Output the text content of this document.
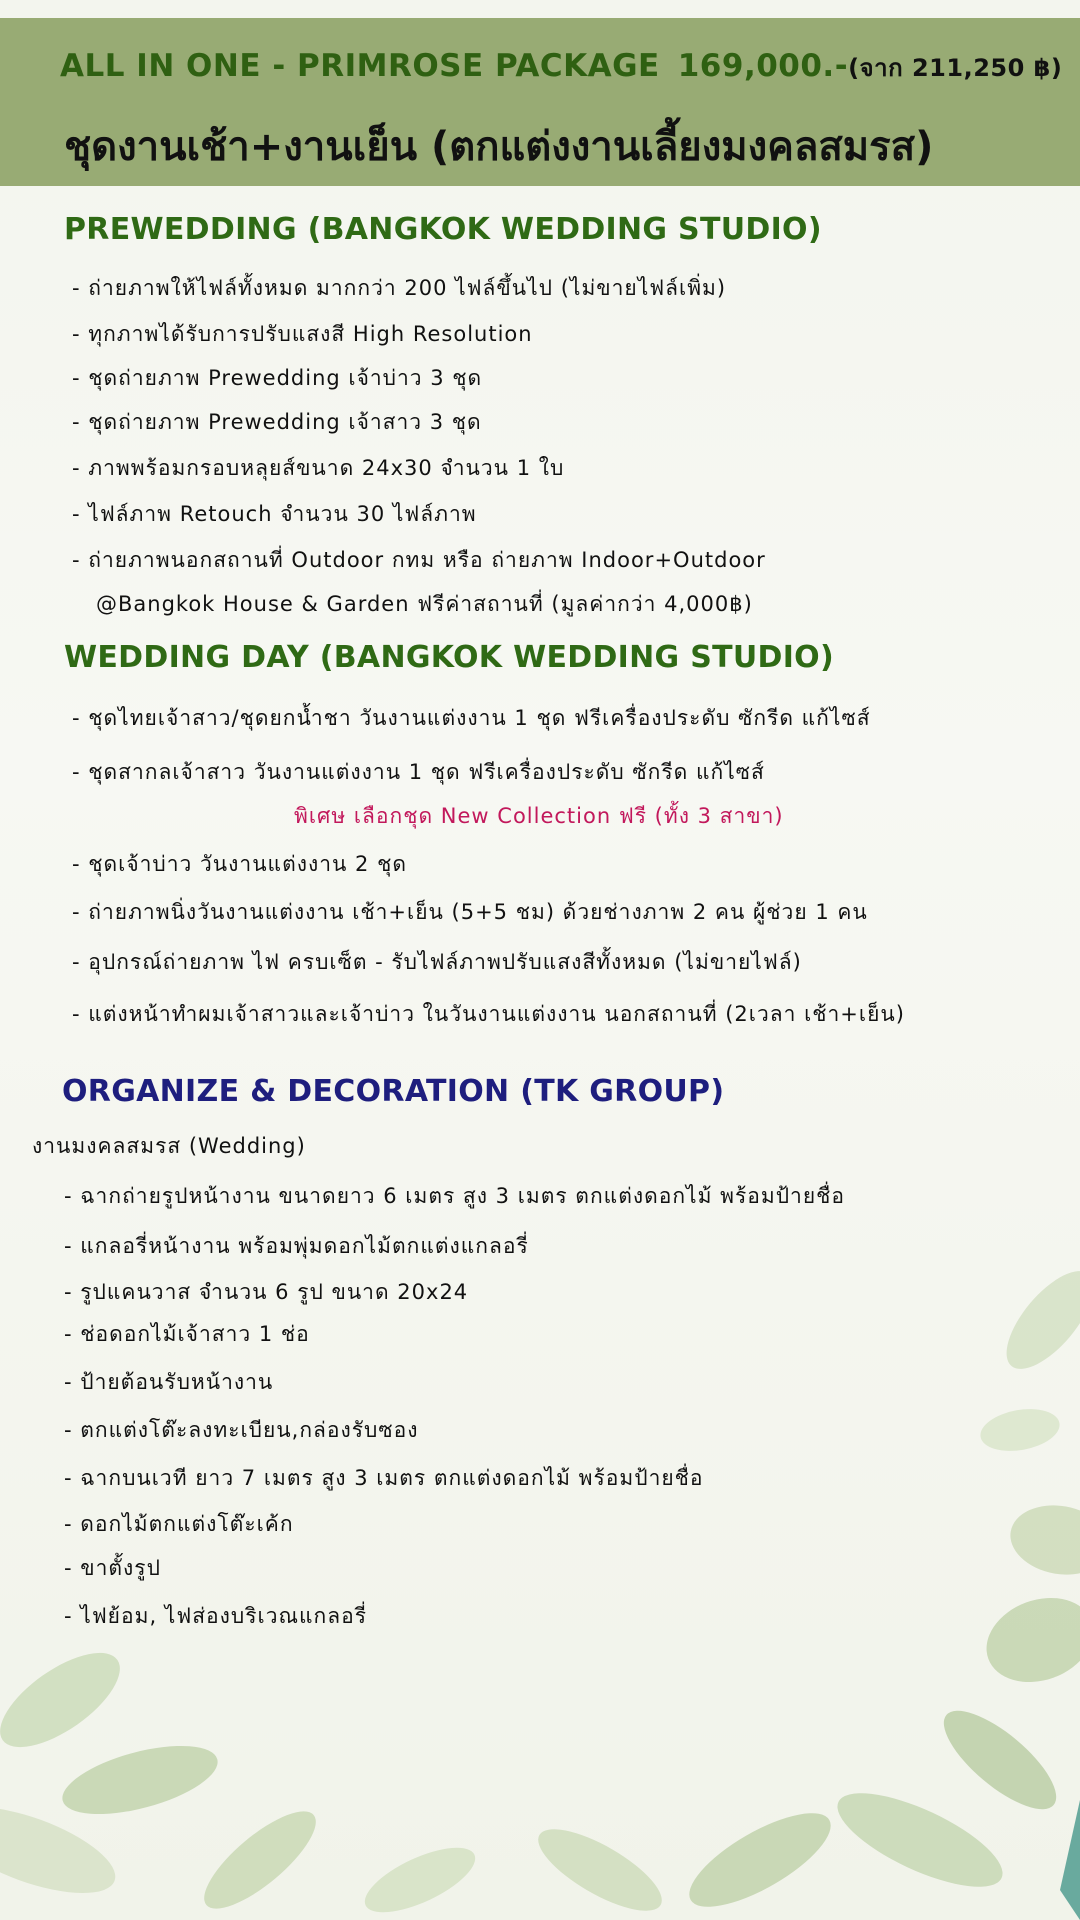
ALL IN ONE - PRIMROSE PACKAGE 169,000.-(จาก 211,250 ฿)
ชุดงานเช้า+งานเย็น (ตกแต่งงานเลี้ยงมงคลสมรส)
PREWEDDING (BANGKOK WEDDING STUDIO)
- ถ่ายภาพให้ไฟล์ทั้งหมด มากกว่า 200 ไฟล์ขึ้นไป (ไม่ขายไฟล์เพิ่ม)
- ทุกภาพได้รับการปรับแสงสี High Resolution
- ชุดถ่ายภาพ Prewedding เจ้าบ่าว 3 ชุด
- ชุดถ่ายภาพ Prewedding เจ้าสาว 3 ชุด
- ภาพพร้อมกรอบหลุยส์ขนาด 24x30 จำนวน 1 ใบ
- ไฟล์ภาพ Retouch จำนวน 30 ไฟล์ภาพ
- ถ่ายภาพนอกสถานที่ Outdoor กทม หรือ ถ่ายภาพ Indoor+Outdoor
@Bangkok House & Garden ฟรีค่าสถานที่ (มูลค่ากว่า 4,000฿)
WEDDING DAY (BANGKOK WEDDING STUDIO)
- ชุดไทยเจ้าสาว/ชุดยกน้ำชา วันงานแต่งงาน 1 ชุด ฟรีเครื่องประดับ ซักรีด แก้ไซส์
- ชุดสากลเจ้าสาว วันงานแต่งงาน 1 ชุด ฟรีเครื่องประดับ ซักรีด แก้ไซส์
พิเศษ เลือกชุด New Collection ฟรี (ทั้ง 3 สาขา)
- ชุดเจ้าบ่าว วันงานแต่งงาน 2 ชุด
- ถ่ายภาพนิ่งวันงานแต่งงาน เช้า+เย็น (5+5 ชม) ด้วยช่างภาพ 2 คน ผู้ช่วย 1 คน
- อุปกรณ์ถ่ายภาพ ไฟ ครบเซ็ต - รับไฟล์ภาพปรับแสงสีทั้งหมด (ไม่ขายไฟล์)
- แต่งหน้าทำผมเจ้าสาวและเจ้าบ่าว ในวันงานแต่งงาน นอกสถานที่ (2เวลา เช้า+เย็น)
ORGANIZE & DECORATION (TK GROUP)
งานมงคลสมรส (Wedding)
- ฉากถ่ายรูปหน้างาน ขนาดยาว 6 เมตร สูง 3 เมตร ตกแต่งดอกไม้ พร้อมป้ายชื่อ
- แกลอรี่หน้างาน พร้อมพุ่มดอกไม้ตกแต่งแกลอรี่
- รูปแคนวาส จำนวน 6 รูป ขนาด 20x24
- ช่อดอกไม้เจ้าสาว 1 ช่อ
- ป้ายต้อนรับหน้างาน
- ตกแต่งโต๊ะลงทะเบียน,กล่องรับซอง
- ฉากบนเวที ยาว 7 เมตร สูง 3 เมตร ตกแต่งดอกไม้ พร้อมป้ายชื่อ
- ดอกไม้ตกแต่งโต๊ะเค้ก
- ขาตั้งรูป
- ไฟย้อม, ไฟส่องบริเวณแกลอรี่
